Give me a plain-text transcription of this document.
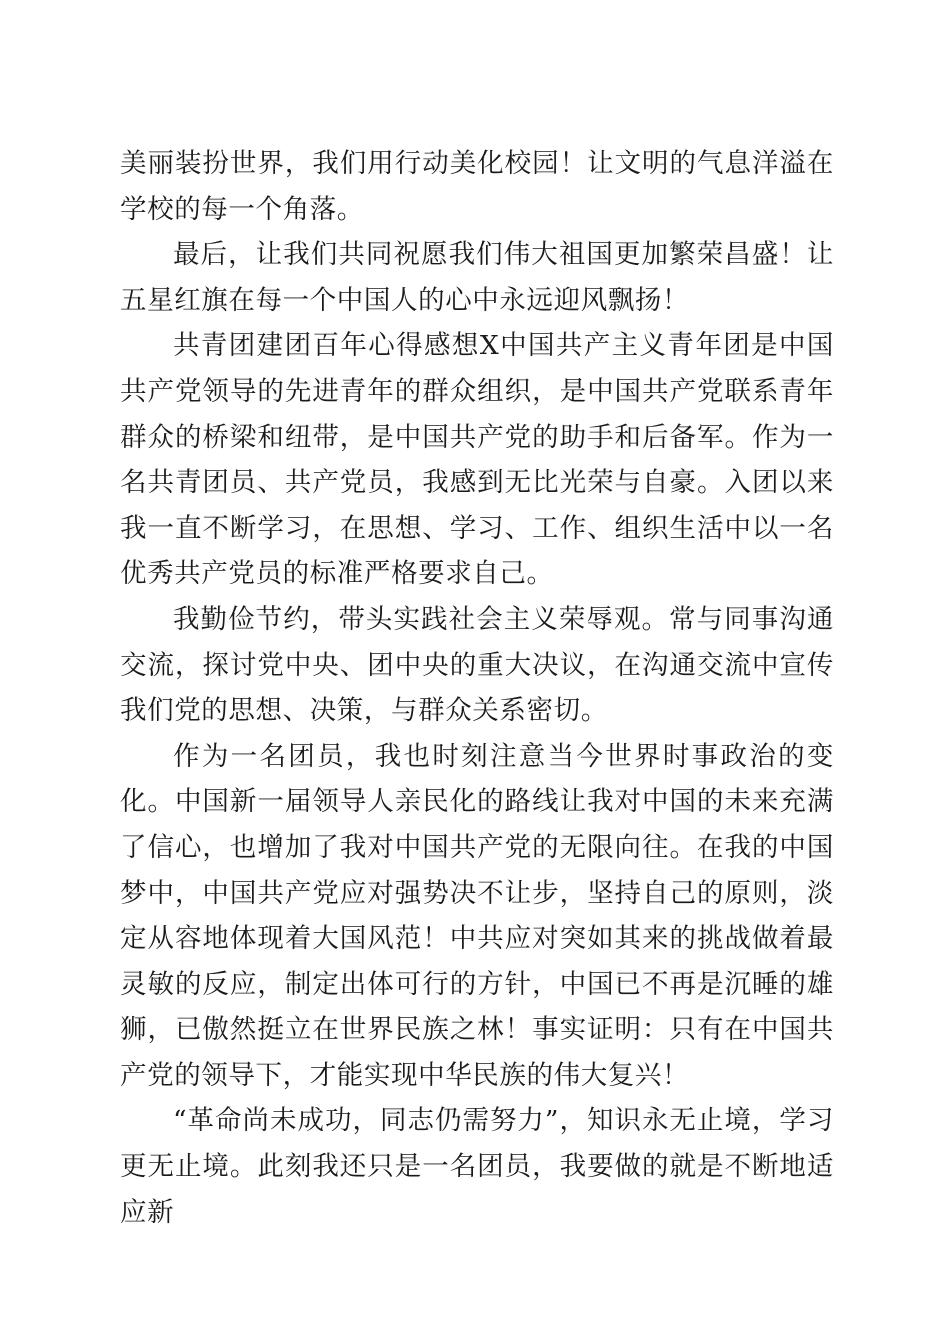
美丽装扮世界，我们用行动美化校园！让文明的气息洋溢在学校的每一个角落。

最后，让我们共同祝愿我们伟大祖国更加繁荣昌盛！让五星红旗在每一个中国人的心中永远迎风飘扬！

共青团建团百年心得感想X中国共产主义青年团是中国共产党领导的先进青年的群众组织，是中国共产党联系青年群众的桥梁和纽带，是中国共产党的助手和后备军。作为一名共青团员、共产党员，我感到无比光荣与自豪。入团以来我一直不断学习，在思想、学习、工作、组织生活中以一名优秀共产党员的标准严格要求自己。

我勤俭节约，带头实践社会主义荣辱观。常与同事沟通交流，探讨党中央、团中央的重大决议，在沟通交流中宣传我们党的思想、决策，与群众关系密切。

作为一名团员，我也时刻注意当今世界时事政治的变化。中国新一届领导人亲民化的路线让我对中国的未来充满了信心，也增加了我对中国共产党的无限向往。在我的中国梦中，中国共产党应对强势决不让步，坚持自己的原则，淡定从容地体现着大国风范！中共应对突如其来的挑战做着最灵敏的反应，制定出体可行的方针，中国已不再是沉睡的雄狮，已傲然挺立在世界民族之林！事实证明：只有在中国共产党的领导下，才能实现中华民族的伟大复兴！

“革命尚未成功，同志仍需努力”，知识永无止境，学习更无止境。此刻我还只是一名团员，我要做的就是不断地适应新
